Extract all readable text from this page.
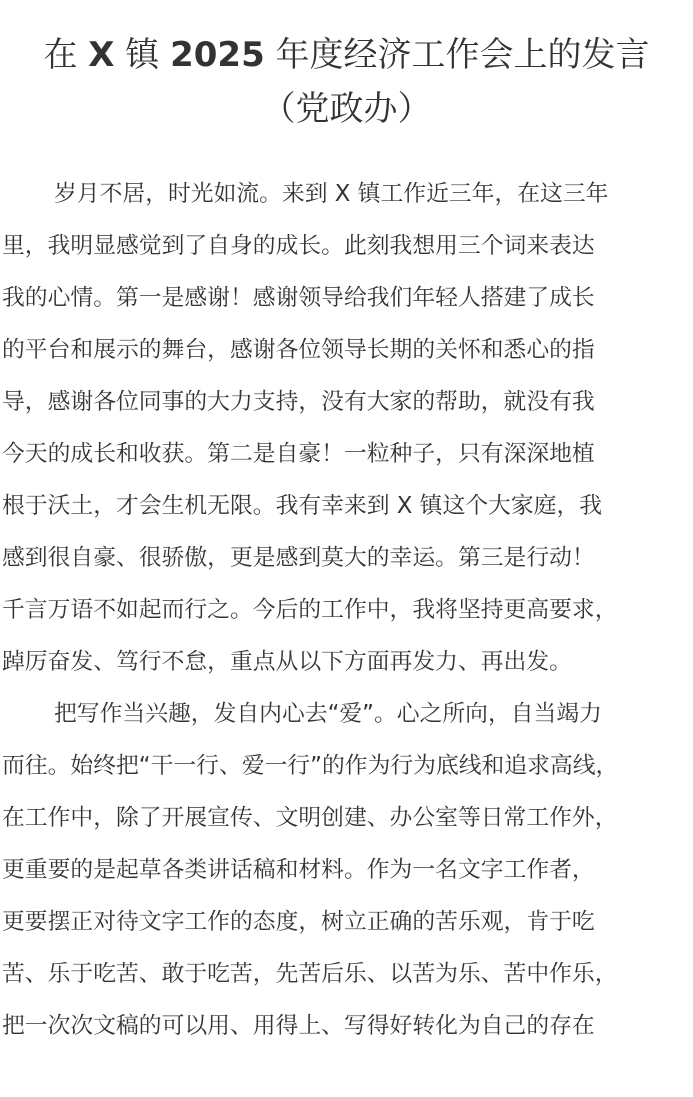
在 X 镇 2025 年度经济工作会上的发言
（党政办）
岁月不居，时光如流。来到 X 镇工作近三年，在这三年
里，我明显感觉到了自身的成长。此刻我想用三个词来表达
我的心情。第一是感谢！感谢领导给我们年轻人搭建了成长
的平台和展示的舞台，感谢各位领导长期的关怀和悉心的指
导，感谢各位同事的大力支持，没有大家的帮助，就没有我
今天的成长和收获。第二是自豪！一粒种子，只有深深地植
根于沃土，才会生机无限。我有幸来到 X 镇这个大家庭，我
感到很自豪、很骄傲，更是感到莫大的幸运。第三是行动！
千言万语不如起而行之。今后的工作中，我将坚持更高要求，
踔厉奋发、笃行不怠，重点从以下方面再发力、再出发。
把写作当兴趣，发自内心去“爱”。心之所向，自当竭力
而往。始终把“干一行、爱一行”的作为行为底线和追求高线，
在工作中，除了开展宣传、文明创建、办公室等日常工作外，
更重要的是起草各类讲话稿和材料。作为一名文字工作者，
更要摆正对待文字工作的态度，树立正确的苦乐观，肯于吃
苦、乐于吃苦、敢于吃苦，先苦后乐、以苦为乐、苦中作乐，
把一次次文稿的可以用、用得上、写得好转化为自己的存在
